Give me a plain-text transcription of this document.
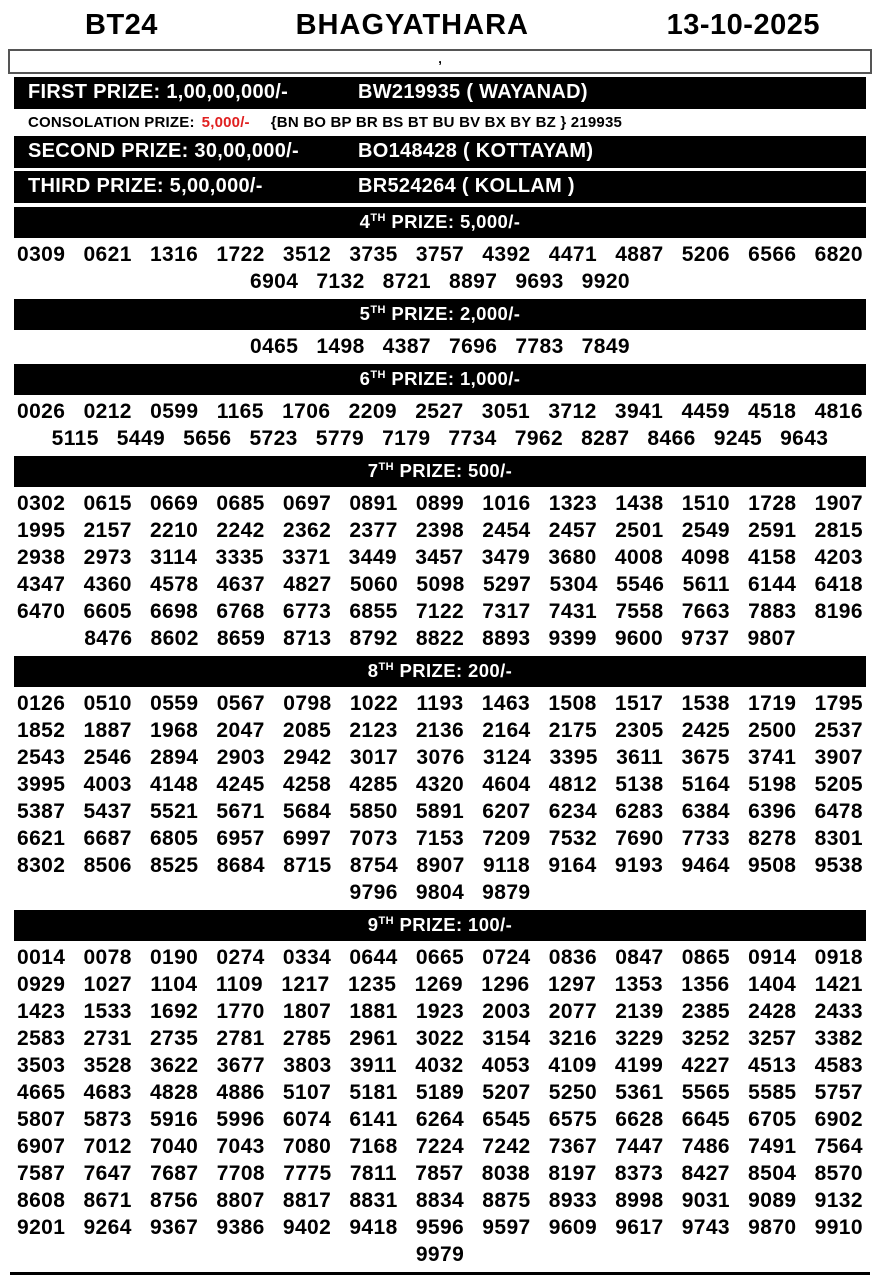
BT24	BHAGYATHARA	13-10-2025
,
FIRST PRIZE: 1,00,00,000/-	BW219935 ( WAYANAD)
CONSOLATION PRIZE: 5,000/- {BN BO BP BR BS BT BU BV BX BY BZ } 219935
SECOND PRIZE: 30,00,000/-	BO148428 ( KOTTAYAM)
THIRD PRIZE: 5,00,000/-	BR524264 ( KOLLAM )
4TH PRIZE: 5,000/-
0309 0621 1316 1722 3512 3735 3757 4392 4471 4887 5206 6566 6820
6904 7132 8721 8897 9693 9920
5TH PRIZE: 2,000/-
0465 1498 4387 7696 7783 7849
6TH PRIZE: 1,000/-
0026 0212 0599 1165 1706 2209 2527 3051 3712 3941 4459 4518 4816
5115 5449 5656 5723 5779 7179 7734 7962 8287 8466 9245 9643
7TH PRIZE: 500/-
0302 0615 0669 0685 0697 0891 0899 1016 1323 1438 1510 1728 1907
1995 2157 2210 2242 2362 2377 2398 2454 2457 2501 2549 2591 2815
2938 2973 3114 3335 3371 3449 3457 3479 3680 4008 4098 4158 4203
4347 4360 4578 4637 4827 5060 5098 5297 5304 5546 5611 6144 6418
6470 6605 6698 6768 6773 6855 7122 7317 7431 7558 7663 7883 8196
8476 8602 8659 8713 8792 8822 8893 9399 9600 9737 9807
8TH PRIZE: 200/-
0126 0510 0559 0567 0798 1022 1193 1463 1508 1517 1538 1719 1795
1852 1887 1968 2047 2085 2123 2136 2164 2175 2305 2425 2500 2537
2543 2546 2894 2903 2942 3017 3076 3124 3395 3611 3675 3741 3907
3995 4003 4148 4245 4258 4285 4320 4604 4812 5138 5164 5198 5205
5387 5437 5521 5671 5684 5850 5891 6207 6234 6283 6384 6396 6478
6621 6687 6805 6957 6997 7073 7153 7209 7532 7690 7733 8278 8301
8302 8506 8525 8684 8715 8754 8907 9118 9164 9193 9464 9508 9538
9796 9804 9879
9TH PRIZE: 100/-
0014 0078 0190 0274 0334 0644 0665 0724 0836 0847 0865 0914 0918
0929 1027 1104 1109 1217 1235 1269 1296 1297 1353 1356 1404 1421
1423 1533 1692 1770 1807 1881 1923 2003 2077 2139 2385 2428 2433
2583 2731 2735 2781 2785 2961 3022 3154 3216 3229 3252 3257 3382
3503 3528 3622 3677 3803 3911 4032 4053 4109 4199 4227 4513 4583
4665 4683 4828 4886 5107 5181 5189 5207 5250 5361 5565 5585 5757
5807 5873 5916 5996 6074 6141 6264 6545 6575 6628 6645 6705 6902
6907 7012 7040 7043 7080 7168 7224 7242 7367 7447 7486 7491 7564
7587 7647 7687 7708 7775 7811 7857 8038 8197 8373 8427 8504 8570
8608 8671 8756 8807 8817 8831 8834 8875 8933 8998 9031 9089 9132
9201 9264 9367 9386 9402 9418 9596 9597 9609 9617 9743 9870 9910
9979
